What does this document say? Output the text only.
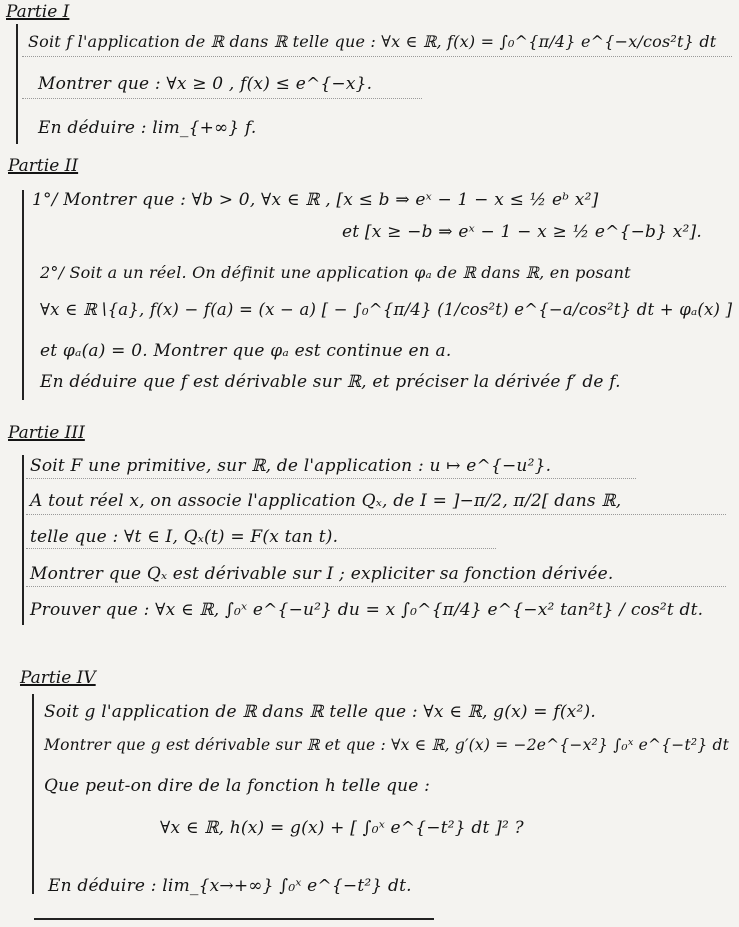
Partie I
Soit f l'application de ℝ dans ℝ telle que : ∀x ∈ ℝ, f(x) = ∫₀^{π/4} e^{−x/cos²t} dt
Montrer que : ∀x ≥ 0 , f(x) ≤ e^{−x}.
En déduire : lim_{+∞} f.
Partie II
1°/ Montrer que : ∀b > 0, ∀x ∈ ℝ , [x ≤ b ⇒ eˣ − 1 − x ≤ ½ eᵇ x²]
et [x ≥ −b ⇒ eˣ − 1 − x ≥ ½ e^{−b} x²].
2°/ Soit a un réel. On définit une application φₐ de ℝ dans ℝ, en posant
∀x ∈ ℝ∖{a}, f(x) − f(a) = (x − a) [ − ∫₀^{π/4} (1/cos²t) e^{−a/cos²t} dt + φₐ(x) ]
et φₐ(a) = 0. Montrer que φₐ est continue en a.
En déduire que f est dérivable sur ℝ, et préciser la dérivée f′ de f.
Partie III
Soit F une primitive, sur ℝ, de l'application : u ↦ e^{−u²}.
A tout réel x, on associe l'application Qₓ, de I = ]−π/2, π/2[ dans ℝ,
telle que : ∀t ∈ I, Qₓ(t) = F(x tan t).
Montrer que Qₓ est dérivable sur I ; expliciter sa fonction dérivée.
Prouver que : ∀x ∈ ℝ, ∫₀ˣ e^{−u²} du = x ∫₀^{π/4} e^{−x² tan²t} / cos²t dt.
Partie IV
Soit g l'application de ℝ dans ℝ telle que : ∀x ∈ ℝ, g(x) = f(x²).
Montrer que g est dérivable sur ℝ et que : ∀x ∈ ℝ, g′(x) = −2e^{−x²} ∫₀ˣ e^{−t²} dt
Que peut-on dire de la fonction h telle que :
∀x ∈ ℝ, h(x) = g(x) + [ ∫₀ˣ e^{−t²} dt ]² ?
En déduire : lim_{x→+∞} ∫₀ˣ e^{−t²} dt.
